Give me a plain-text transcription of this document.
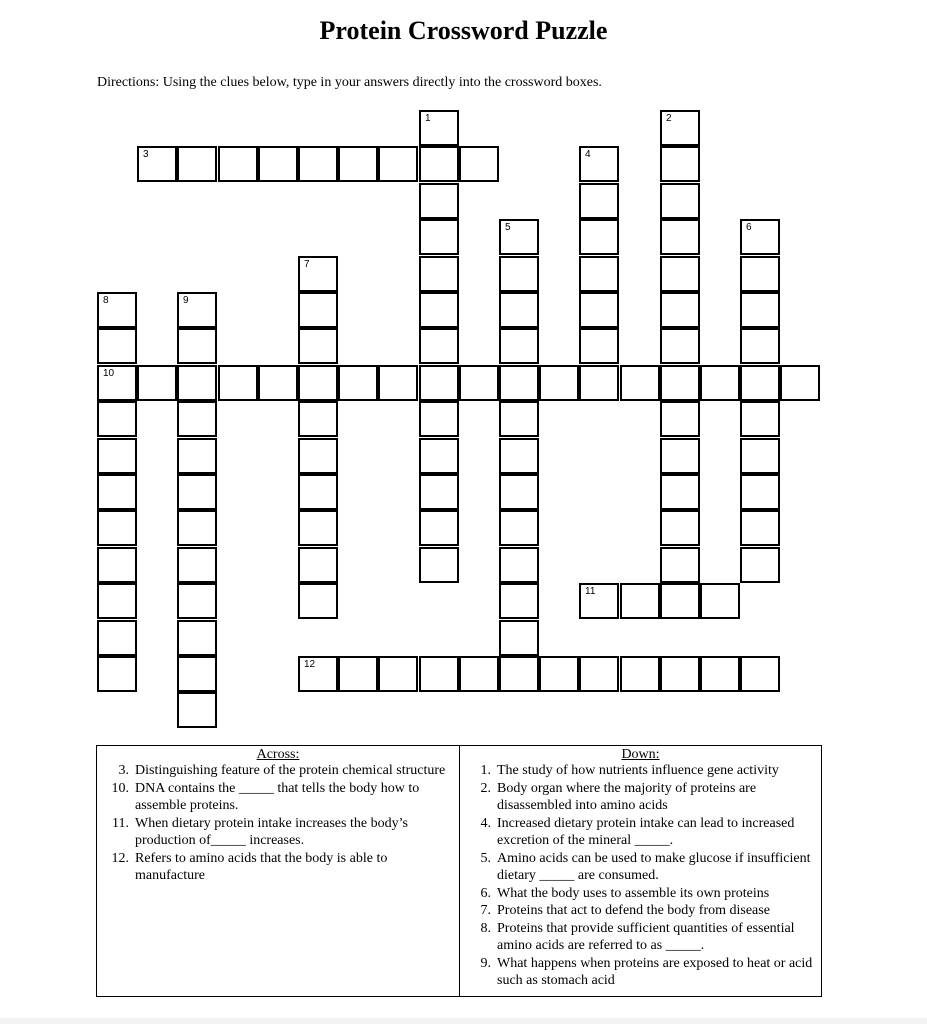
Protein Crossword Puzzle
Directions: Using the clues below, type in your answers directly into the crossword boxes.
3
10
11
12
1	2
4
5	6
7
8	9
Across:
3. Distinguishing feature of the protein chemical structure
10. DNA contains the _____ that tells the body how to assemble proteins.
11. When dietary protein intake increases the body’s production of_____ increases.
12. Refers to amino acids that the body is able to manufacture
Down:
1. The study of how nutrients influence gene activity
2. Body organ where the majority of proteins are disassembled into amino acids
4. Increased dietary protein intake can lead to increased excretion of the mineral _____.
5. Amino acids can be used to make glucose if insufficient dietary _____ are consumed.
6. What the body uses to assemble its own proteins
7. Proteins that act to defend the body from disease
8. Proteins that provide sufficient quantities of essential amino acids are referred to as _____.
9. What happens when proteins are exposed to heat or acid such as stomach acid
